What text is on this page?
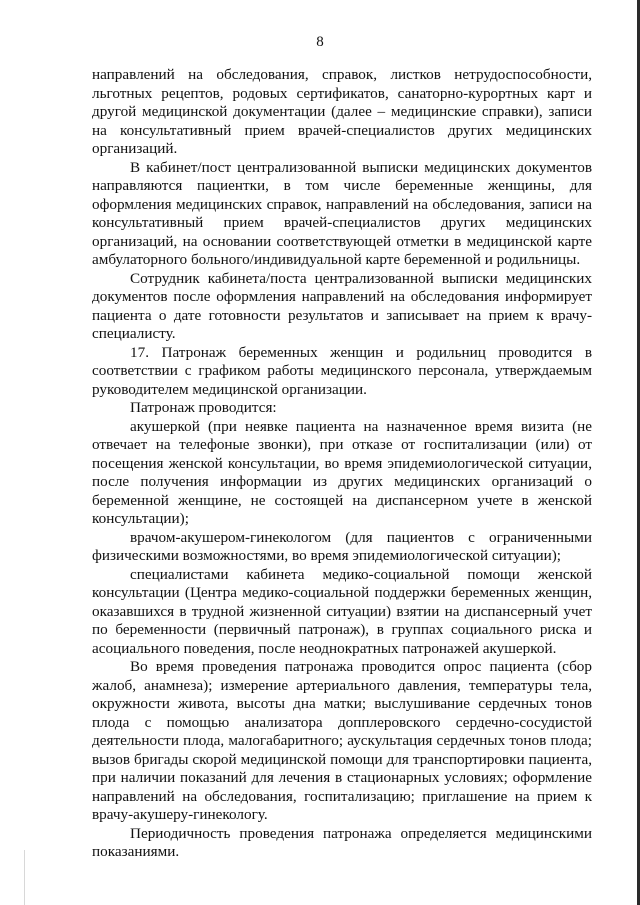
8

направлений на обследования, справок, листков нетрудоспособности, льготных рецептов, родовых сертификатов, санаторно-курортных карт и другой медицинской документации (далее – медицинские справки), записи на консультативный прием врачей-специалистов других медицинских организаций.

В кабинет/пост централизованной выписки медицинских документов направляются пациентки, в том числе беременные женщины, для оформления медицинских справок, направлений на обследования, записи на консультативный прием врачей-специалистов других медицинских организаций, на основании соответствующей отметки в медицинской карте амбулаторного больного/индивидуальной карте беременной и родильницы.

Сотрудник кабинета/поста централизованной выписки медицинских документов после оформления направлений на обследования информирует пациента о дате готовности результатов и записывает на прием к врачу-специалисту.

17. Патронаж беременных женщин и родильниц проводится в соответствии с графиком работы медицинского персонала, утверждаемым руководителем медицинской организации.

Патронаж проводится:

акушеркой (при неявке пациента на назначенное время визита (не отвечает на телефоные звонки), при отказе от госпитализации (или) от посещения женской консультации, во время эпидемиологической ситуации, после получения информации из других медицинских организаций о беременной женщине, не состоящей на диспансерном учете в женской консультации);

врачом-акушером-гинекологом (для пациентов с ограниченными физическими возможностями, во время эпидемиологической ситуации);

специалистами кабинета медико-социальной помощи женской консультации (Центра медико-социальной поддержки беременных женщин, оказавшихся в трудной жизненной ситуации) взятии на диспансерный учет по беременности (первичный патронаж), в группах социального риска и асоциального поведения, после неоднократных патронажей акушеркой.

Во время проведения патронажа проводится опрос пациента (сбор жалоб, анамнеза); измерение артериального давления, температуры тела, окружности живота, высоты дна матки; выслушивание сердечных тонов плода с помощью анализатора допплеровского сердечно-сосудистой деятельности плода, малогабаритного; аускультация сердечных тонов плода; вызов бригады скорой медицинской помощи для транспортировки пациента, при наличии показаний для лечения в стационарных условиях; оформление направлений на обследования, госпитализацию; приглашение на прием к врачу-акушеру-гинекологу.

Периодичность проведения патронажа определяется медицинскими показаниями.
